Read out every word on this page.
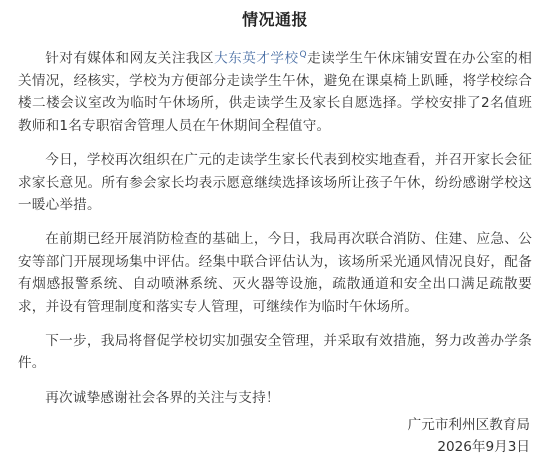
情况通报

针对有媒体和网友关注我区大东英才学校$^Q$走读学生午休床铺安置在办公室的相关情况，经核实，学校为方便部分走读学生午休，避免在课桌椅上趴睡，将学校综合楼二楼会议室改为临时午休场所，供走读学生及家长自愿选择。学校安排了2名值班教师和1名专职宿舍管理人员在午休期间全程值守。

今日，学校再次组织在广元的走读学生家长代表到校实地查看，并召开家长会征求家长意见。所有参会家长均表示愿意继续选择该场所让孩子午休，纷纷感谢学校这一暖心举措。

在前期已经开展消防检查的基础上，今日，我局再次联合消防、住建、应急、公安等部门开展现场集中评估。经集中联合评估认为，该场所采光通风情况良好，配备有烟感报警系统、自动喷淋系统、灭火器等设施，疏散通道和安全出口满足疏散要求，并设有管理制度和落实专人管理，可继续作为临时午休场所。

下一步，我局将督促学校切实加强安全管理，并采取有效措施，努力改善办学条件。

再次诚挚感谢社会各界的关注与支持！

广元市利州区教育局
2026年9月3日
